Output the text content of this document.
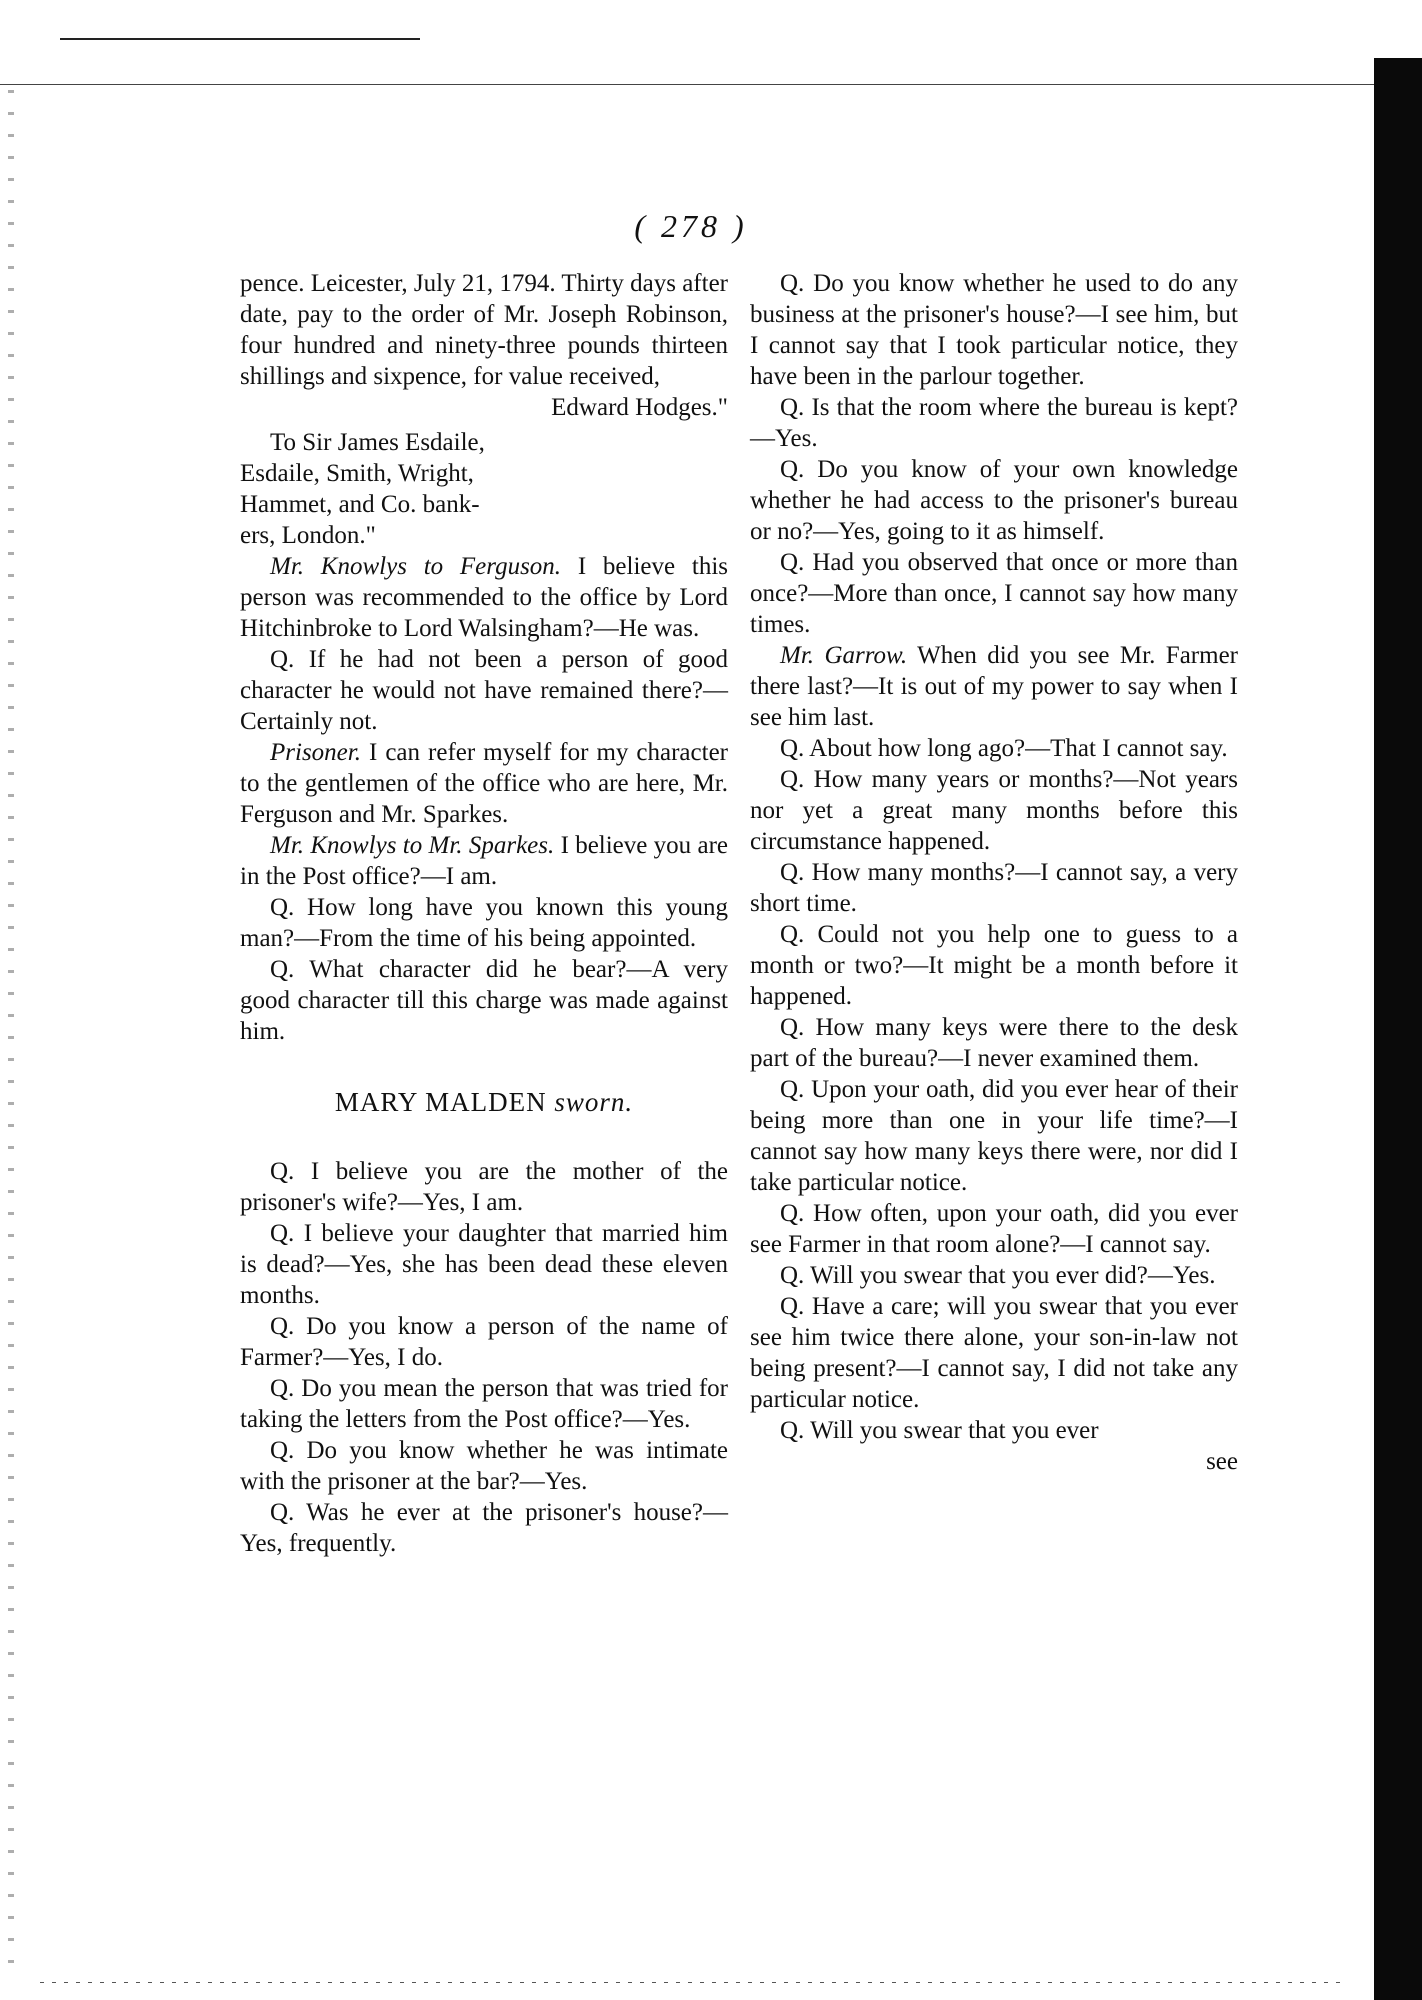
( 278 )

pence. Leicester, July 21, 1794. Thirty days after date, pay to the order of Mr. Joseph Robinson, four hundred and ninety-three pounds thirteen shillings and sixpence, for value received,

Edward Hodges."

To Sir James Esdaile,

Esdaile, Smith, Wright,

Hammet, and Co. bank-

ers, London."

Mr. Knowlys to Ferguson. I believe this person was recommended to the office by Lord Hitchinbroke to Lord Walsingham?—He was.

Q. If he had not been a person of good character he would not have remained there?—Certainly not.

Prisoner. I can refer myself for my character to the gentlemen of the office who are here, Mr. Ferguson and Mr. Sparkes.

Mr. Knowlys to Mr. Sparkes. I believe you are in the Post office?—I am.

Q. How long have you known this young man?—From the time of his being appointed.

Q. What character did he bear?—A very good character till this charge was made against him.

MARY MALDEN sworn.

Q. I believe you are the mother of the prisoner's wife?—Yes, I am.

Q. I believe your daughter that married him is dead?—Yes, she has been dead these eleven months.

Q. Do you know a person of the name of Farmer?—Yes, I do.

Q. Do you mean the person that was tried for taking the letters from the Post office?—Yes.

Q. Do you know whether he was intimate with the prisoner at the bar?—Yes.

Q. Was he ever at the prisoner's house?—Yes, frequently.

Q. Do you know whether he used to do any business at the prisoner's house?—I see him, but I cannot say that I took particular notice, they have been in the parlour together.

Q. Is that the room where the bureau is kept?—Yes.

Q. Do you know of your own knowledge whether he had access to the prisoner's bureau or no?—Yes, going to it as himself.

Q. Had you observed that once or more than once?—More than once, I cannot say how many times.

Mr. Garrow. When did you see Mr. Farmer there last?—It is out of my power to say when I see him last.

Q. About how long ago?—That I cannot say.

Q. How many years or months?—Not years nor yet a great many months before this circumstance happened.

Q. How many months?—I cannot say, a very short time.

Q. Could not you help one to guess to a month or two?—It might be a month before it happened.

Q. How many keys were there to the desk part of the bureau?—I never examined them.

Q. Upon your oath, did you ever hear of their being more than one in your life time?—I cannot say how many keys there were, nor did I take particular notice.

Q. How often, upon your oath, did you ever see Farmer in that room alone?—I cannot say.

Q. Will you swear that you ever did?—Yes.

Q. Have a care; will you swear that you ever see him twice there alone, your son-in-law not being present?—I cannot say, I did not take any particular notice.

Q. Will you swear that you ever

see
